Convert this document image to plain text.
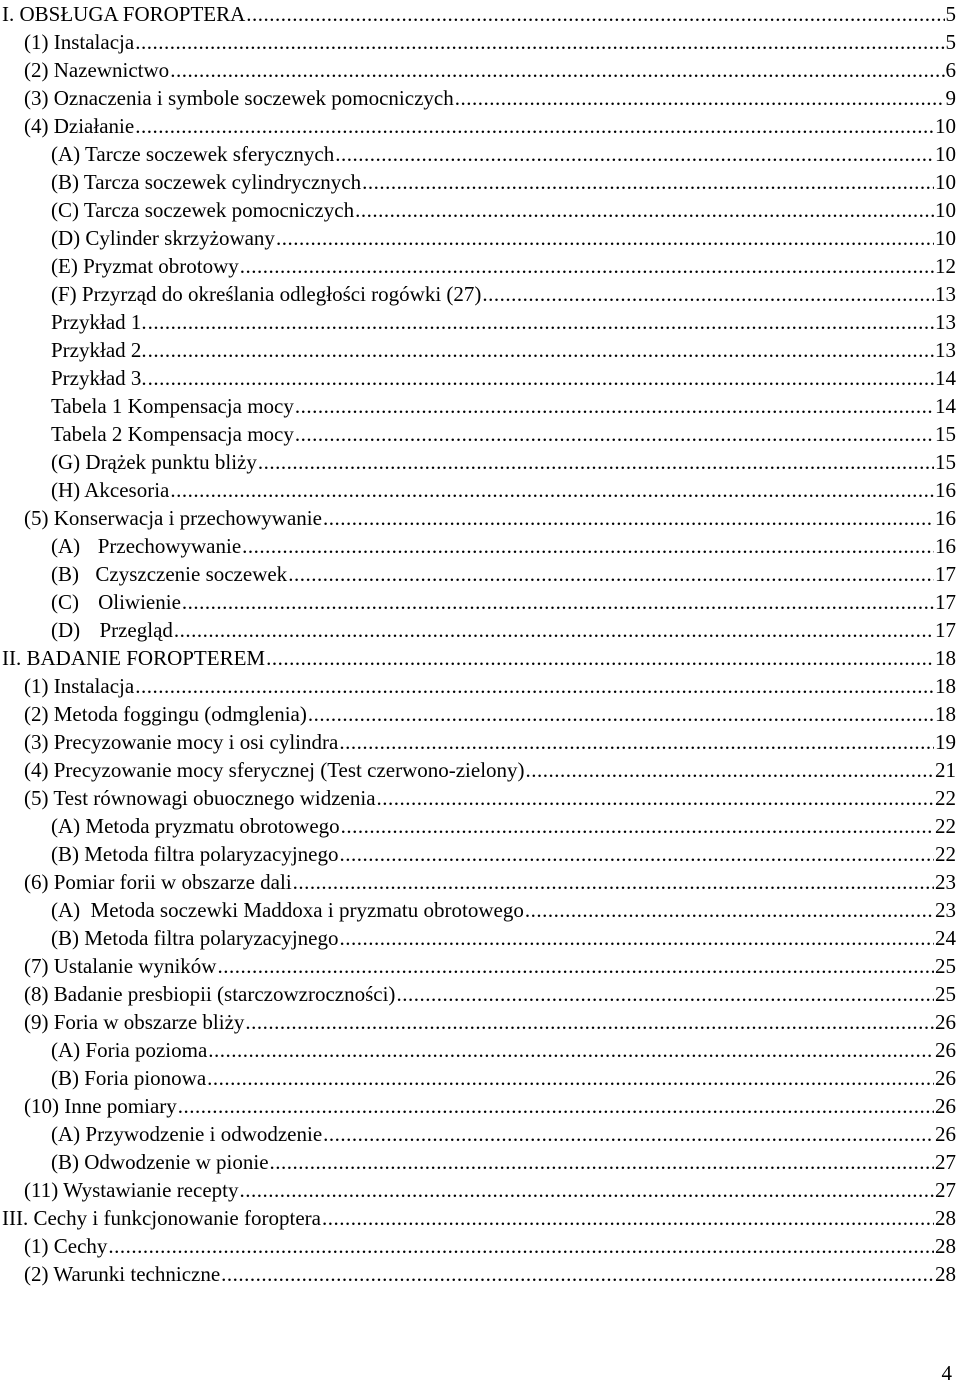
I. OBSŁUGA FOROPTERA .....	5
(1) Instalacja .....	5
(2) Nazewnictwo .....	6
(3) Oznaczenia i symbole soczewek pomocniczych .....	9
(4) Działanie .....	10
(A) Tarcze soczewek sferycznych .....	10
(B) Tarcza soczewek cylindrycznych .....	10
(C) Tarcza soczewek pomocniczych .....	10
(D) Cylinder skrzyżowany .....	10
(E) Pryzmat obrotowy .....	12
(F) Przyrząd do określania odległości rogówki (27) .....	13
Przykład 1. .....	13
Przykład 2. .....	13
Przykład 3. .....	14
Tabela 1 Kompensacja mocy .....	14
Tabela 2 Kompensacja mocy .....	15
(G) Drążek punktu bliży .....	15
(H) Akcesoria .....	16
(5) Konserwacja i przechowywanie .....	16
(A) Przechowywanie .....	16
(B) Czyszczenie soczewek .....	17
(C) Oliwienie .....	17
(D) Przegląd .....	17
II. BADANIE FOROPTEREM .....	18
(1) Instalacja .....	18
(2) Metoda foggingu (odmglenia) .....	18
(3) Precyzowanie mocy i osi cylindra .....	19
(4) Precyzowanie mocy sferycznej (Test czerwono-zielony) .....	21
(5) Test równowagi obuocznego widzenia .....	22
(A) Metoda pryzmatu obrotowego .....	22
(B) Metoda filtra polaryzacyjnego .....	22
(6) Pomiar forii w obszarze dali .....	23
(A) Metoda soczewki Maddoxa i pryzmatu obrotowego .....	23
(B) Metoda filtra polaryzacyjnego .....	24
(7) Ustalanie wyników .....	25
(8) Badanie presbiopii (starczowzroczności) .....	25
(9) Foria w obszarze bliży .....	26
(A) Foria pozioma .....	26
(B) Foria pionowa .....	26
(10) Inne pomiary .....	26
(A) Przywodzenie i odwodzenie .....	26
(B) Odwodzenie w pionie .....	27
(11) Wystawianie recepty .....	27
III. Cechy i funkcjonowanie foroptera .....	28
(1) Cechy .....	28
(2) Warunki techniczne .....	28
4
